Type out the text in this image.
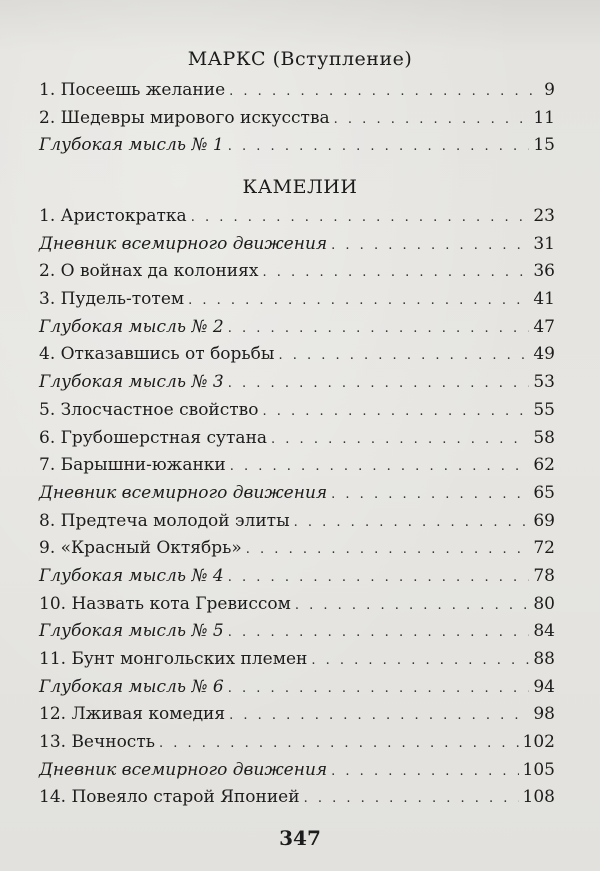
МАРКС (Вступление)
1. Посеешь желание . . .	9
2. Шедевры мирового искусства . . .	11
Глубокая мысль № 1 . . .	15
КАМЕЛИИ
1. Аристократка . . .	23
Дневник всемирного движения . . .	31
2. О войнах да колониях . . .	36
3. Пудель-тотем . . .	41
Глубокая мысль № 2 . . .	47
4. Отказавшись от борьбы . . .	49
Глубокая мысль № 3 . . .	53
5. Злосчастное свойство . . .	55
6. Грубошерстная сутана . . .	58
7. Барышни-южанки . . .	62
Дневник всемирного движения . . .	65
8. Предтеча молодой элиты . . .	69
9. «Красный Октябрь» . . .	72
Глубокая мысль № 4 . . .	78
10. Назвать кота Гревиссом . . .	80
Глубокая мысль № 5 . . .	84
11. Бунт монгольских племен . . .	88
Глубокая мысль № 6 . . .	94
12. Лживая комедия . . .	98
13. Вечность . . .	102
Дневник всемирного движения . . .	105
14. Повеяло старой Японией . . .	108
347
